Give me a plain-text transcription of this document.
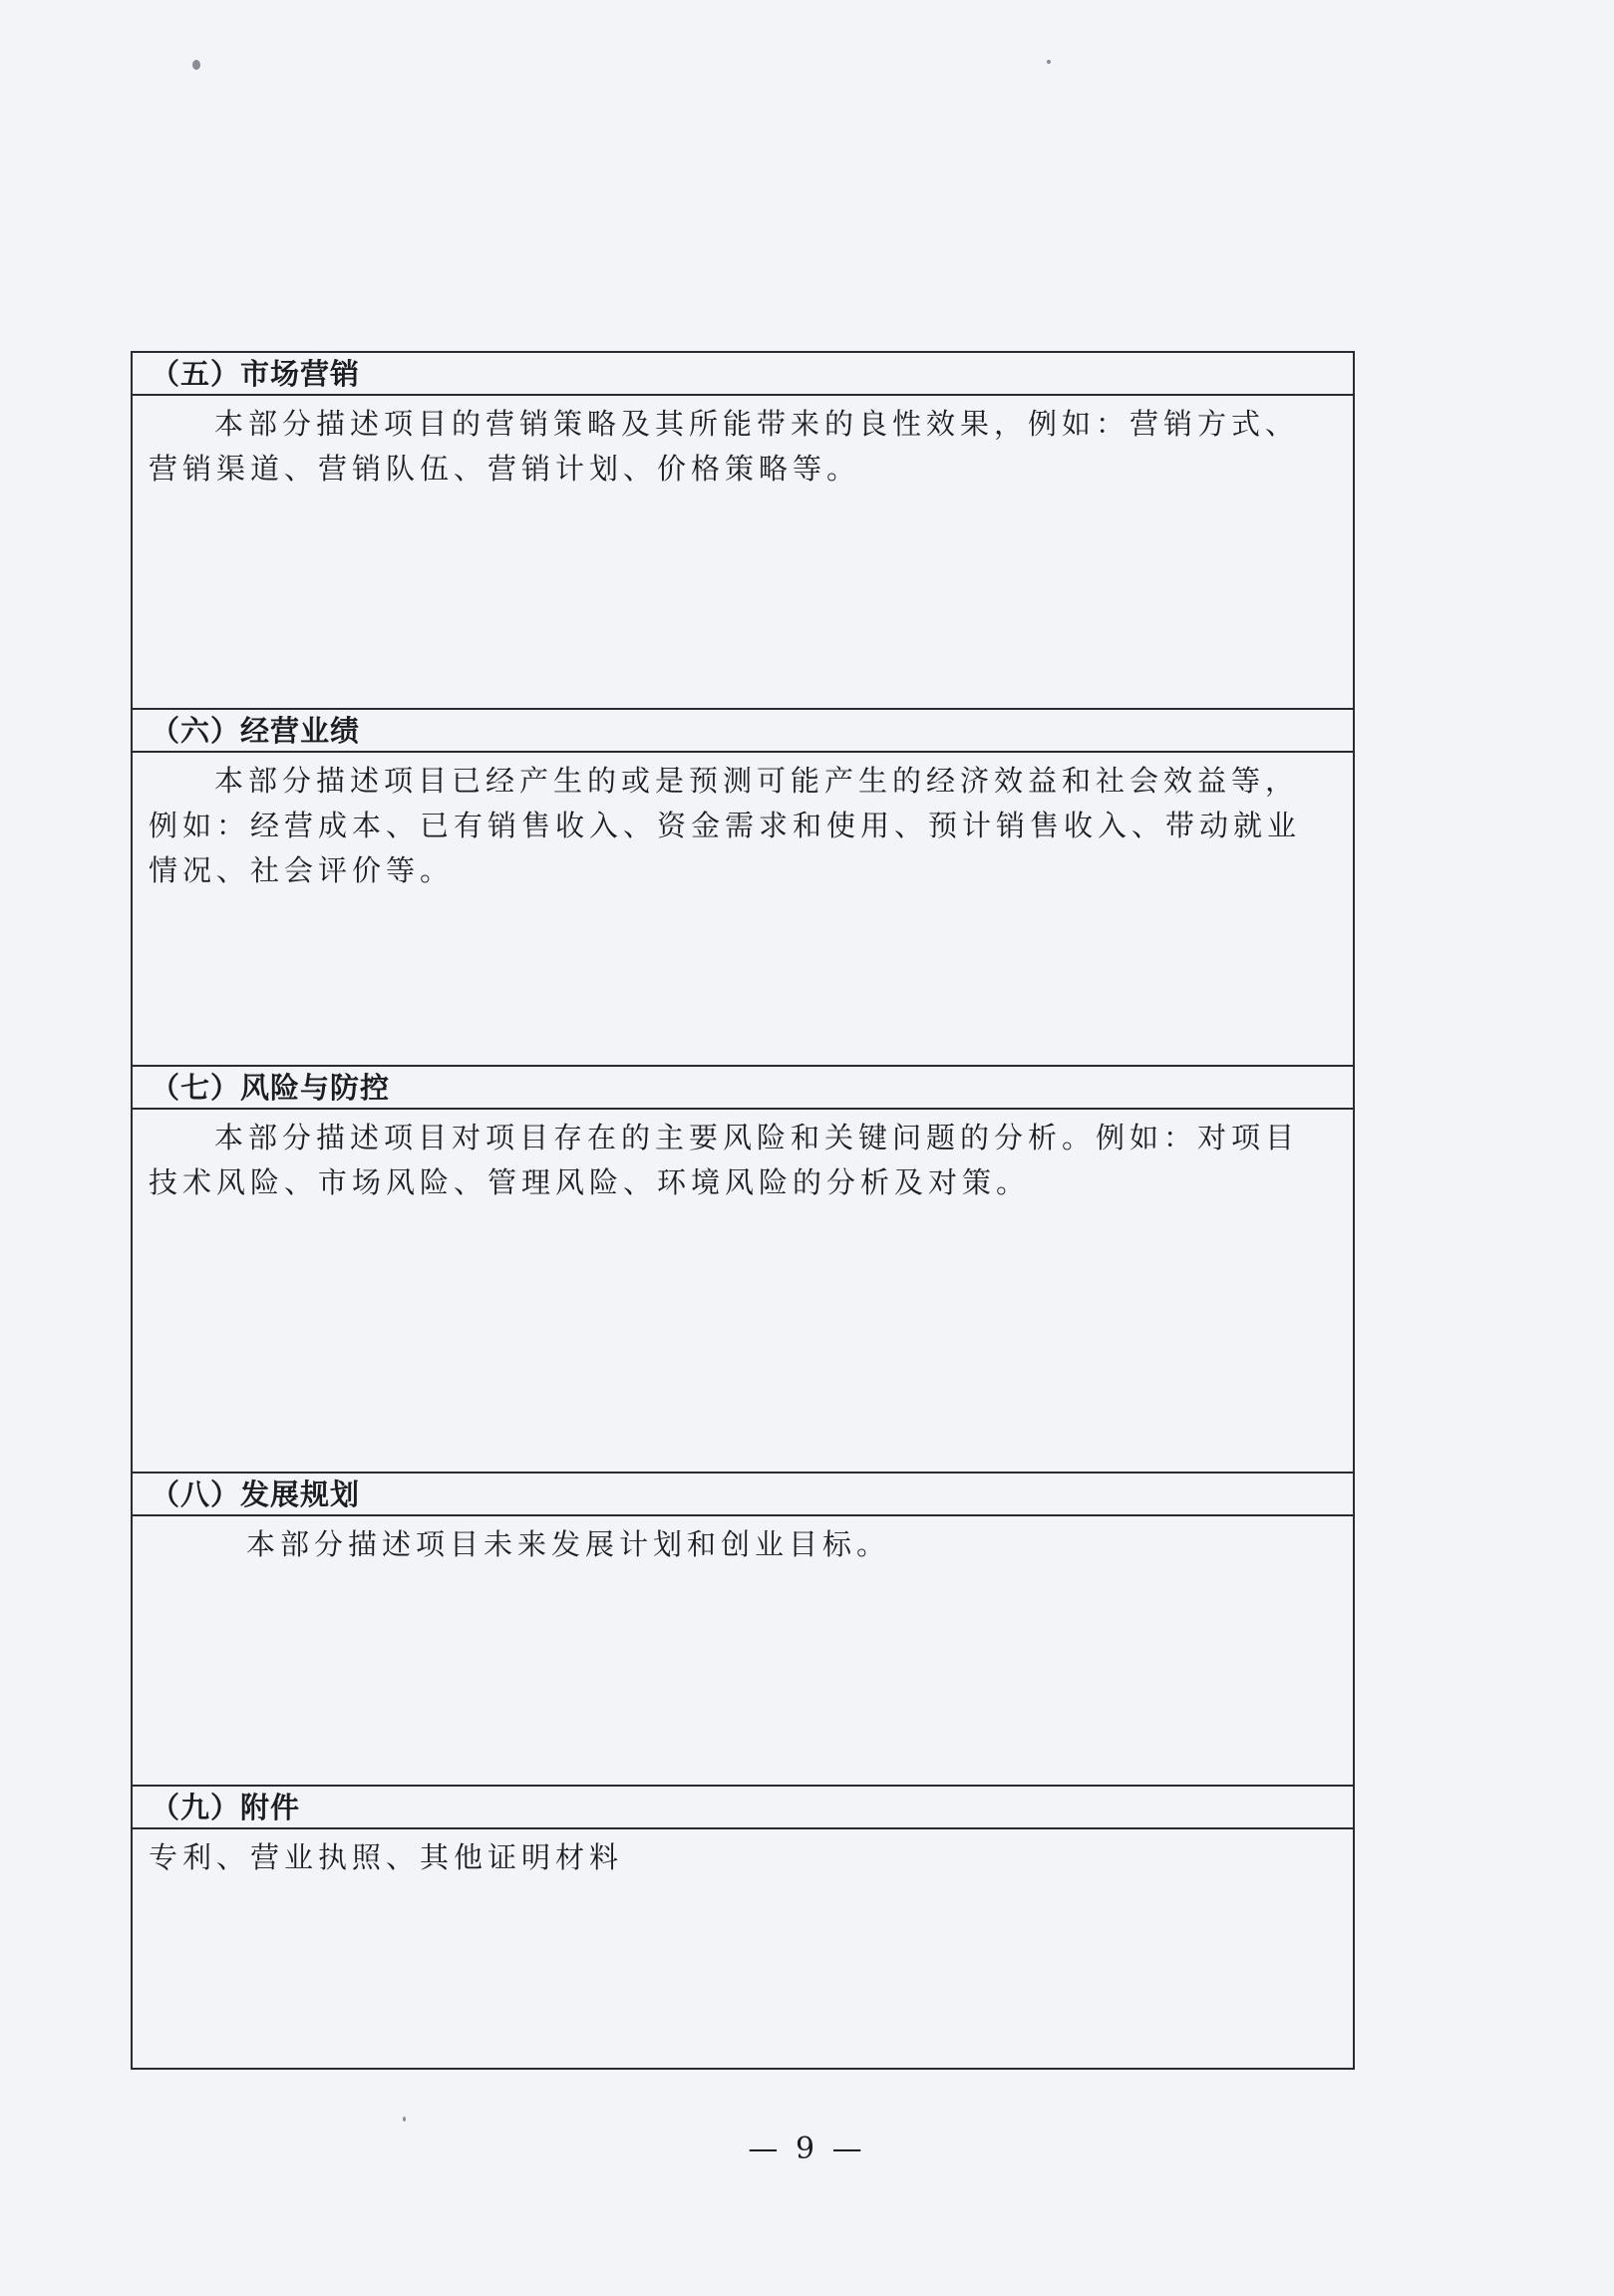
（五）市场营销
本部分描述项目的营销策略及其所能带来的良性效果，例如：营销方式、营销渠道、营销队伍、营销计划、价格策略等。
（六）经营业绩
本部分描述项目已经产生的或是预测可能产生的经济效益和社会效益等，例如：经营成本、已有销售收入、资金需求和使用、预计销售收入、带动就业情况、社会评价等。
（七）风险与防控
本部分描述项目对项目存在的主要风险和关键问题的分析。例如：对项目技术风险、市场风险、管理风险、环境风险的分析及对策。
（八）发展规划
本部分描述项目未来发展计划和创业目标。
（九）附件
专利、营业执照、其他证明材料
— 9 —
